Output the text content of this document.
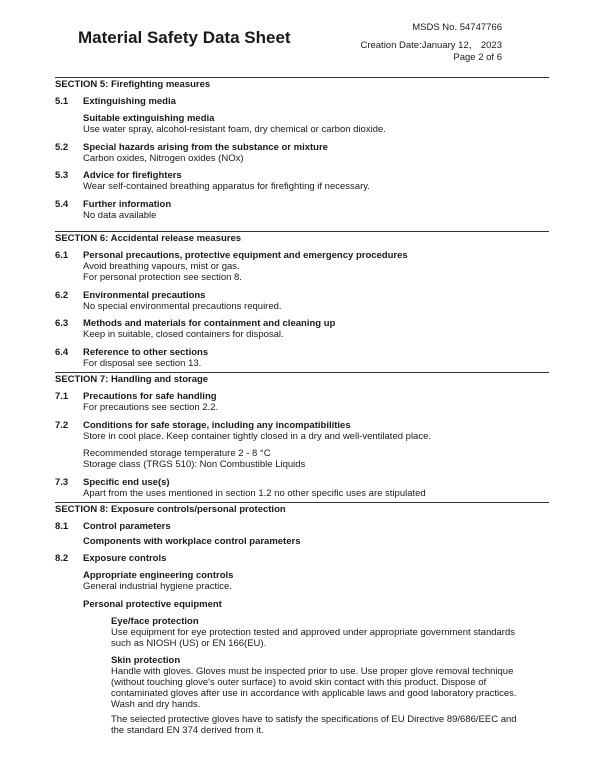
Material Safety Data Sheet
MSDS No. 54747766
Creation Date:January 12， 2023
Page 2 of 6
SECTION 5: Firefighting measures
5.1 Extinguishing media
Suitable extinguishing media
Use water spray, alcohol-resistant foam, dry chemical or carbon dioxide.
5.2 Special hazards arising from the substance or mixture
Carbon oxides, Nitrogen oxides (NOx)
5.3 Advice for firefighters
Wear self-contained breathing apparatus for firefighting if necessary.
5.4 Further information
No data available
SECTION 6: Accidental release measures
6.1 Personal precautions, protective equipment and emergency procedures
Avoid breathing vapours, mist or gas.
For personal protection see section 8.
6.2 Environmental precautions
No special environmental precautions required.
6.3 Methods and materials for containment and cleaning up
Keep in suitable, closed containers for disposal.
6.4 Reference to other sections
For disposal see section 13.
SECTION 7: Handling and storage
7.1 Precautions for safe handling
For precautions see section 2.2.
7.2 Conditions for safe storage, including any incompatibilities
Store in cool place. Keep container tightly closed in a dry and well-ventilated place.
Recommended storage temperature 2 - 8 °C
Storage class (TRGS 510): Non Combustible Liquids
7.3 Specific end use(s)
Apart from the uses mentioned in section 1.2 no other specific uses are stipulated
SECTION 8: Exposure controls/personal protection
8.1 Control parameters
Components with workplace control parameters
8.2 Exposure controls
Appropriate engineering controls
General industrial hygiene practice.
Personal protective equipment
Eye/face protection
Use equipment for eye protection tested and approved under appropriate government standards
such as NIOSH (US) or EN 166(EU).
Skin protection
Handle with gloves. Gloves must be inspected prior to use. Use proper glove removal technique
(without touching glove's outer surface) to avoid skin contact with this product. Dispose of
contaminated gloves after use in accordance with applicable laws and good laboratory practices.
Wash and dry hands.
The selected protective gloves have to satisfy the specifications of EU Directive 89/686/EEC and
the standard EN 374 derived from it.
